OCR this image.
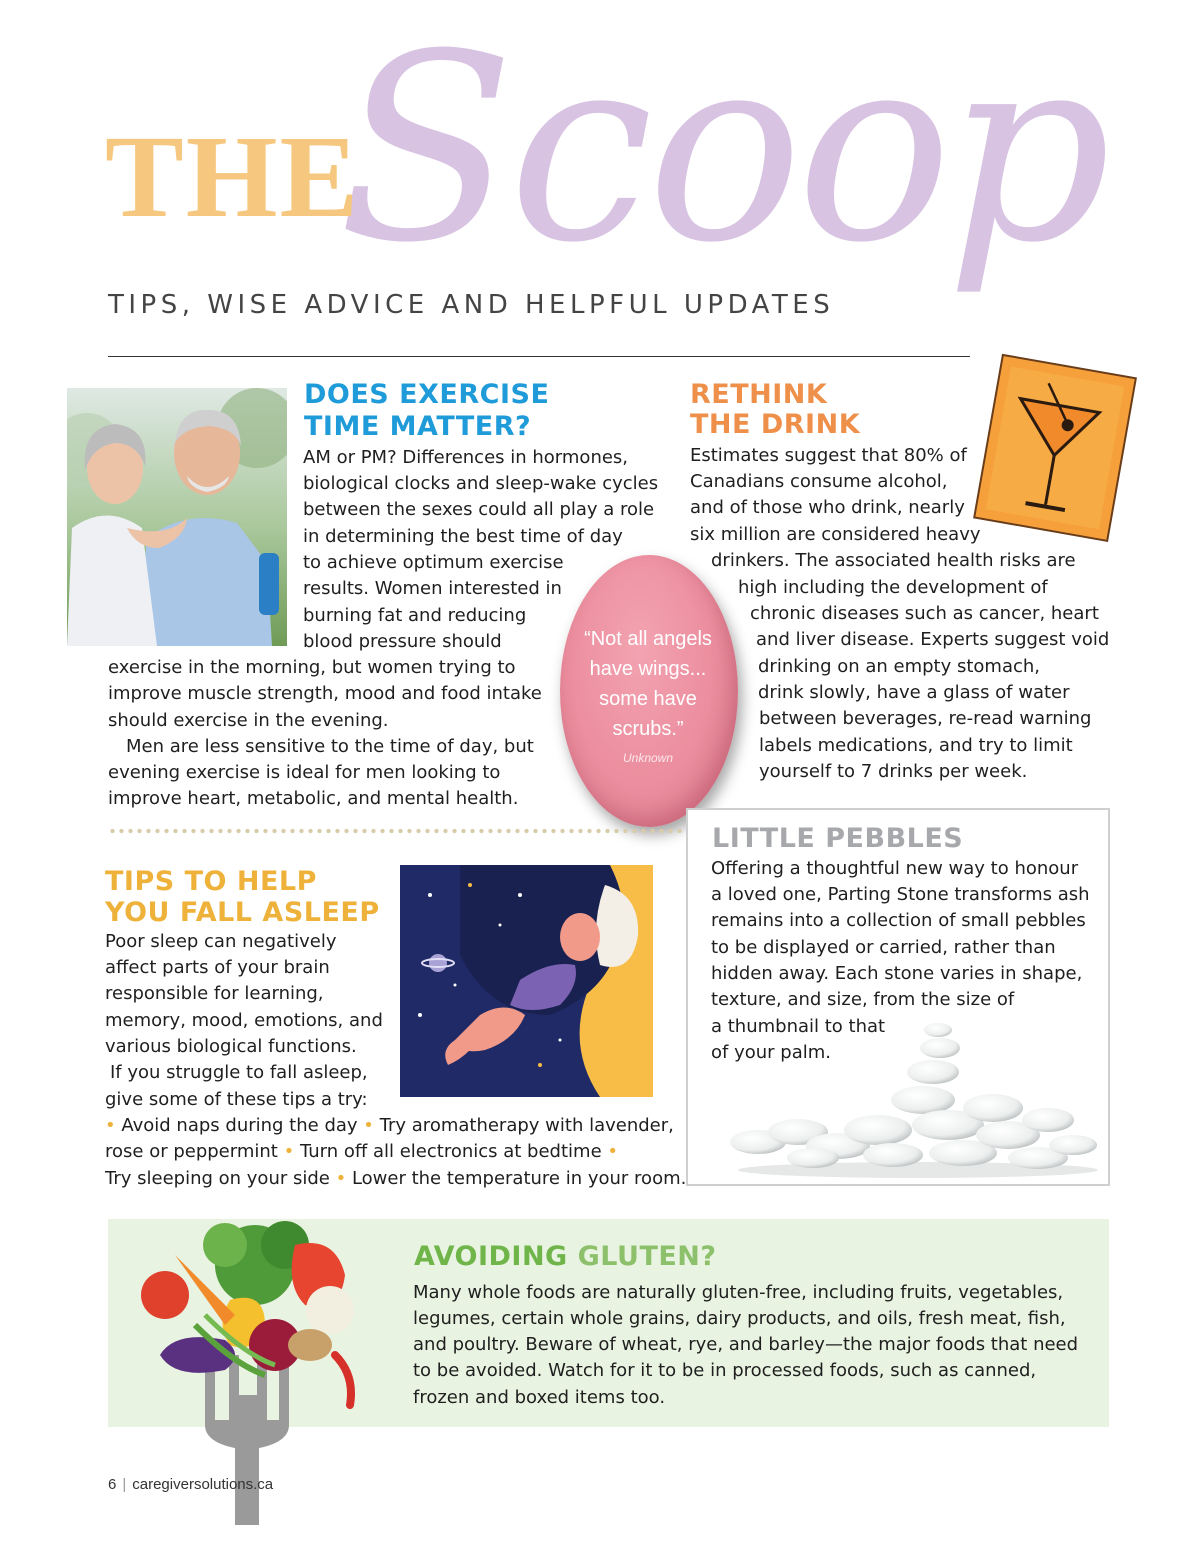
Scoop
THE
TIPS, WISE ADVICE AND HELPFUL UPDATES
DOES EXERCISE
TIME MATTER?
AM or PM? Differences in hormones,
biological clocks and sleep-wake cycles
between the sexes could all play a role
in determining the best time of day
to achieve optimum exercise
results. Women interested in
burning fat and reducing
blood pressure should
exercise in the morning, but women trying to
improve muscle strength, mood and food intake
should exercise in the evening.
Men are less sensitive to the time of day, but
evening exercise is ideal for men looking to
improve heart, metabolic, and mental health.
RETHINK
THE DRINK
Estimates suggest that 80% of
Canadians consume alcohol,
and of those who drink, nearly
six million are considered heavy
drinkers. The associated health risks are
high including the development of
chronic diseases such as cancer, heart
and liver disease. Experts suggest void
drinking on an empty stomach,
drink slowly, have a glass of water
between beverages, re-read warning
labels medications, and try to limit
yourself to 7 drinks per week.
“Not all angels
have wings...
some have
scrubs.”
Unknown
TIPS TO HELP
YOU FALL ASLEEP
Poor sleep can negatively
affect parts of your brain
responsible for learning,
memory, mood, emotions, and
various biological functions.
If you struggle to fall asleep,
give some of these tips a try:
• Avoid naps during the day • Try aromatherapy with lavender,
rose or peppermint • Turn off all electronics at bedtime •
Try sleeping on your side • Lower the temperature in your room.
LITTLE PEBBLES
Offering a thoughtful new way to honour
a loved one, Parting Stone transforms ash
remains into a collection of small pebbles
to be displayed or carried, rather than
hidden away. Each stone varies in shape,
texture, and size, from the size of
a thumbnail to that
of your palm.
AVOIDING GLUTEN?
Many whole foods are naturally gluten-free, including fruits, vegetables,
legumes, certain whole grains, dairy products, and oils, fresh meat, fish,
and poultry. Beware of wheat, rye, and barley—the major foods that need
to be avoided. Watch for it to be in processed foods, such as canned,
frozen and boxed items too.
6 | caregiversolutions.ca
